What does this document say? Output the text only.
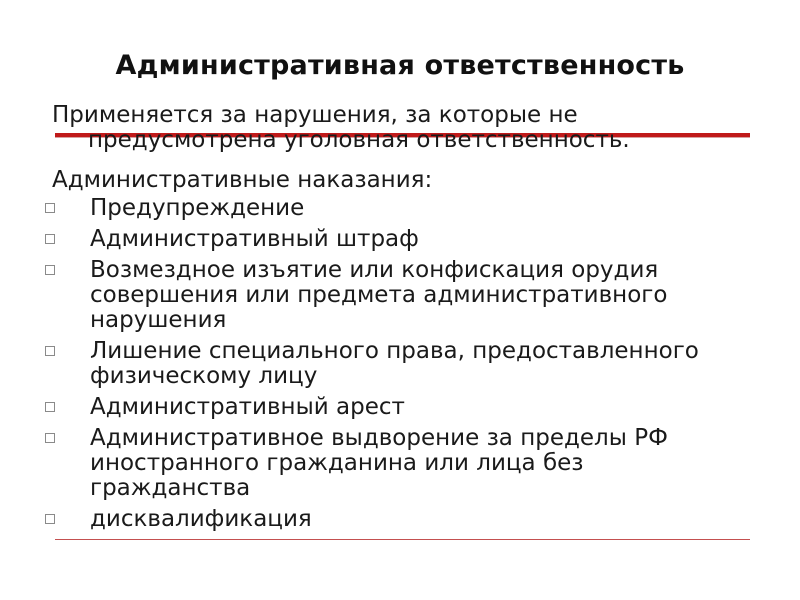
Административная ответственность
Применяется за нарушения, за которые не
предусмотрена уголовная ответственность.
Административные наказания:
Предупреждение
Административный штраф
Возмездное изъятие или конфискация орудия совершения или предмета административного нарушения
Лишение специального права, предоставленного физическому лицу
Административный арест
Административное выдворение за пределы РФ иностранного гражданина или лица без гражданства
дисквалификация
